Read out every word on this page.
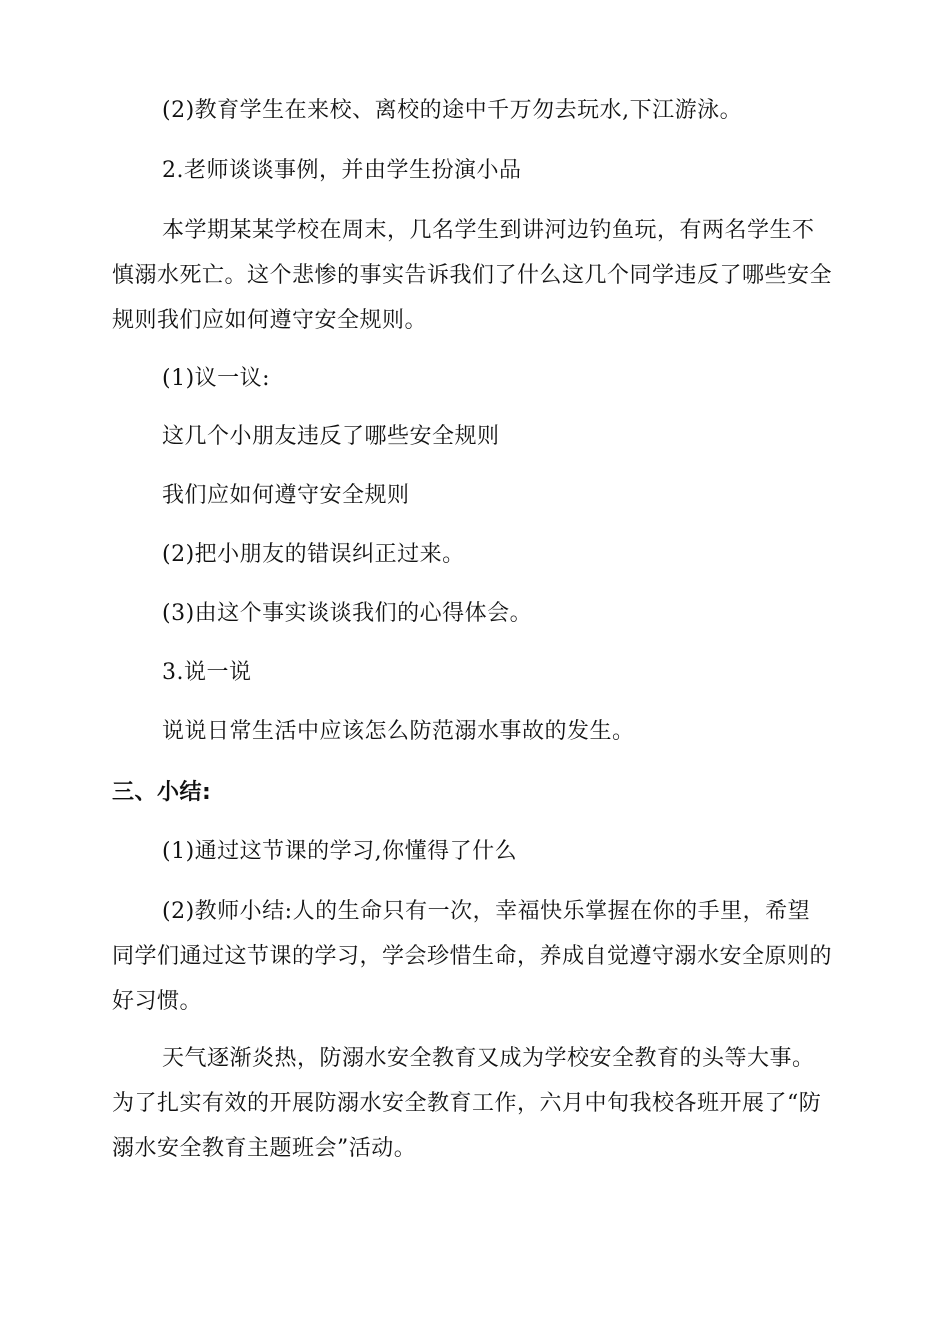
(2)教育学生在来校、离校的途中千万勿去玩水,下江游泳。

2.老师谈谈事例，并由学生扮演小品

本学期某某学校在周末，几名学生到讲河边钓鱼玩，有两名学生不慎溺水死亡。这个悲惨的事实告诉我们了什么这几个同学违反了哪些安全规则我们应如何遵守安全规则。

(1)议一议:

这几个小朋友违反了哪些安全规则

我们应如何遵守安全规则

(2)把小朋友的错误纠正过来。

(3)由这个事实谈谈我们的心得体会。

3.说一说

说说日常生活中应该怎么防范溺水事故的发生。

三、小结:

(1)通过这节课的学习,你懂得了什么

(2)教师小结:人的生命只有一次，幸福快乐掌握在你的手里，希望同学们通过这节课的学习，学会珍惜生命，养成自觉遵守溺水安全原则的好习惯。

天气逐渐炎热，防溺水安全教育又成为学校安全教育的头等大事。为了扎实有效的开展防溺水安全教育工作，六月中旬我校各班开展了“防溺水安全教育主题班会”活动。
